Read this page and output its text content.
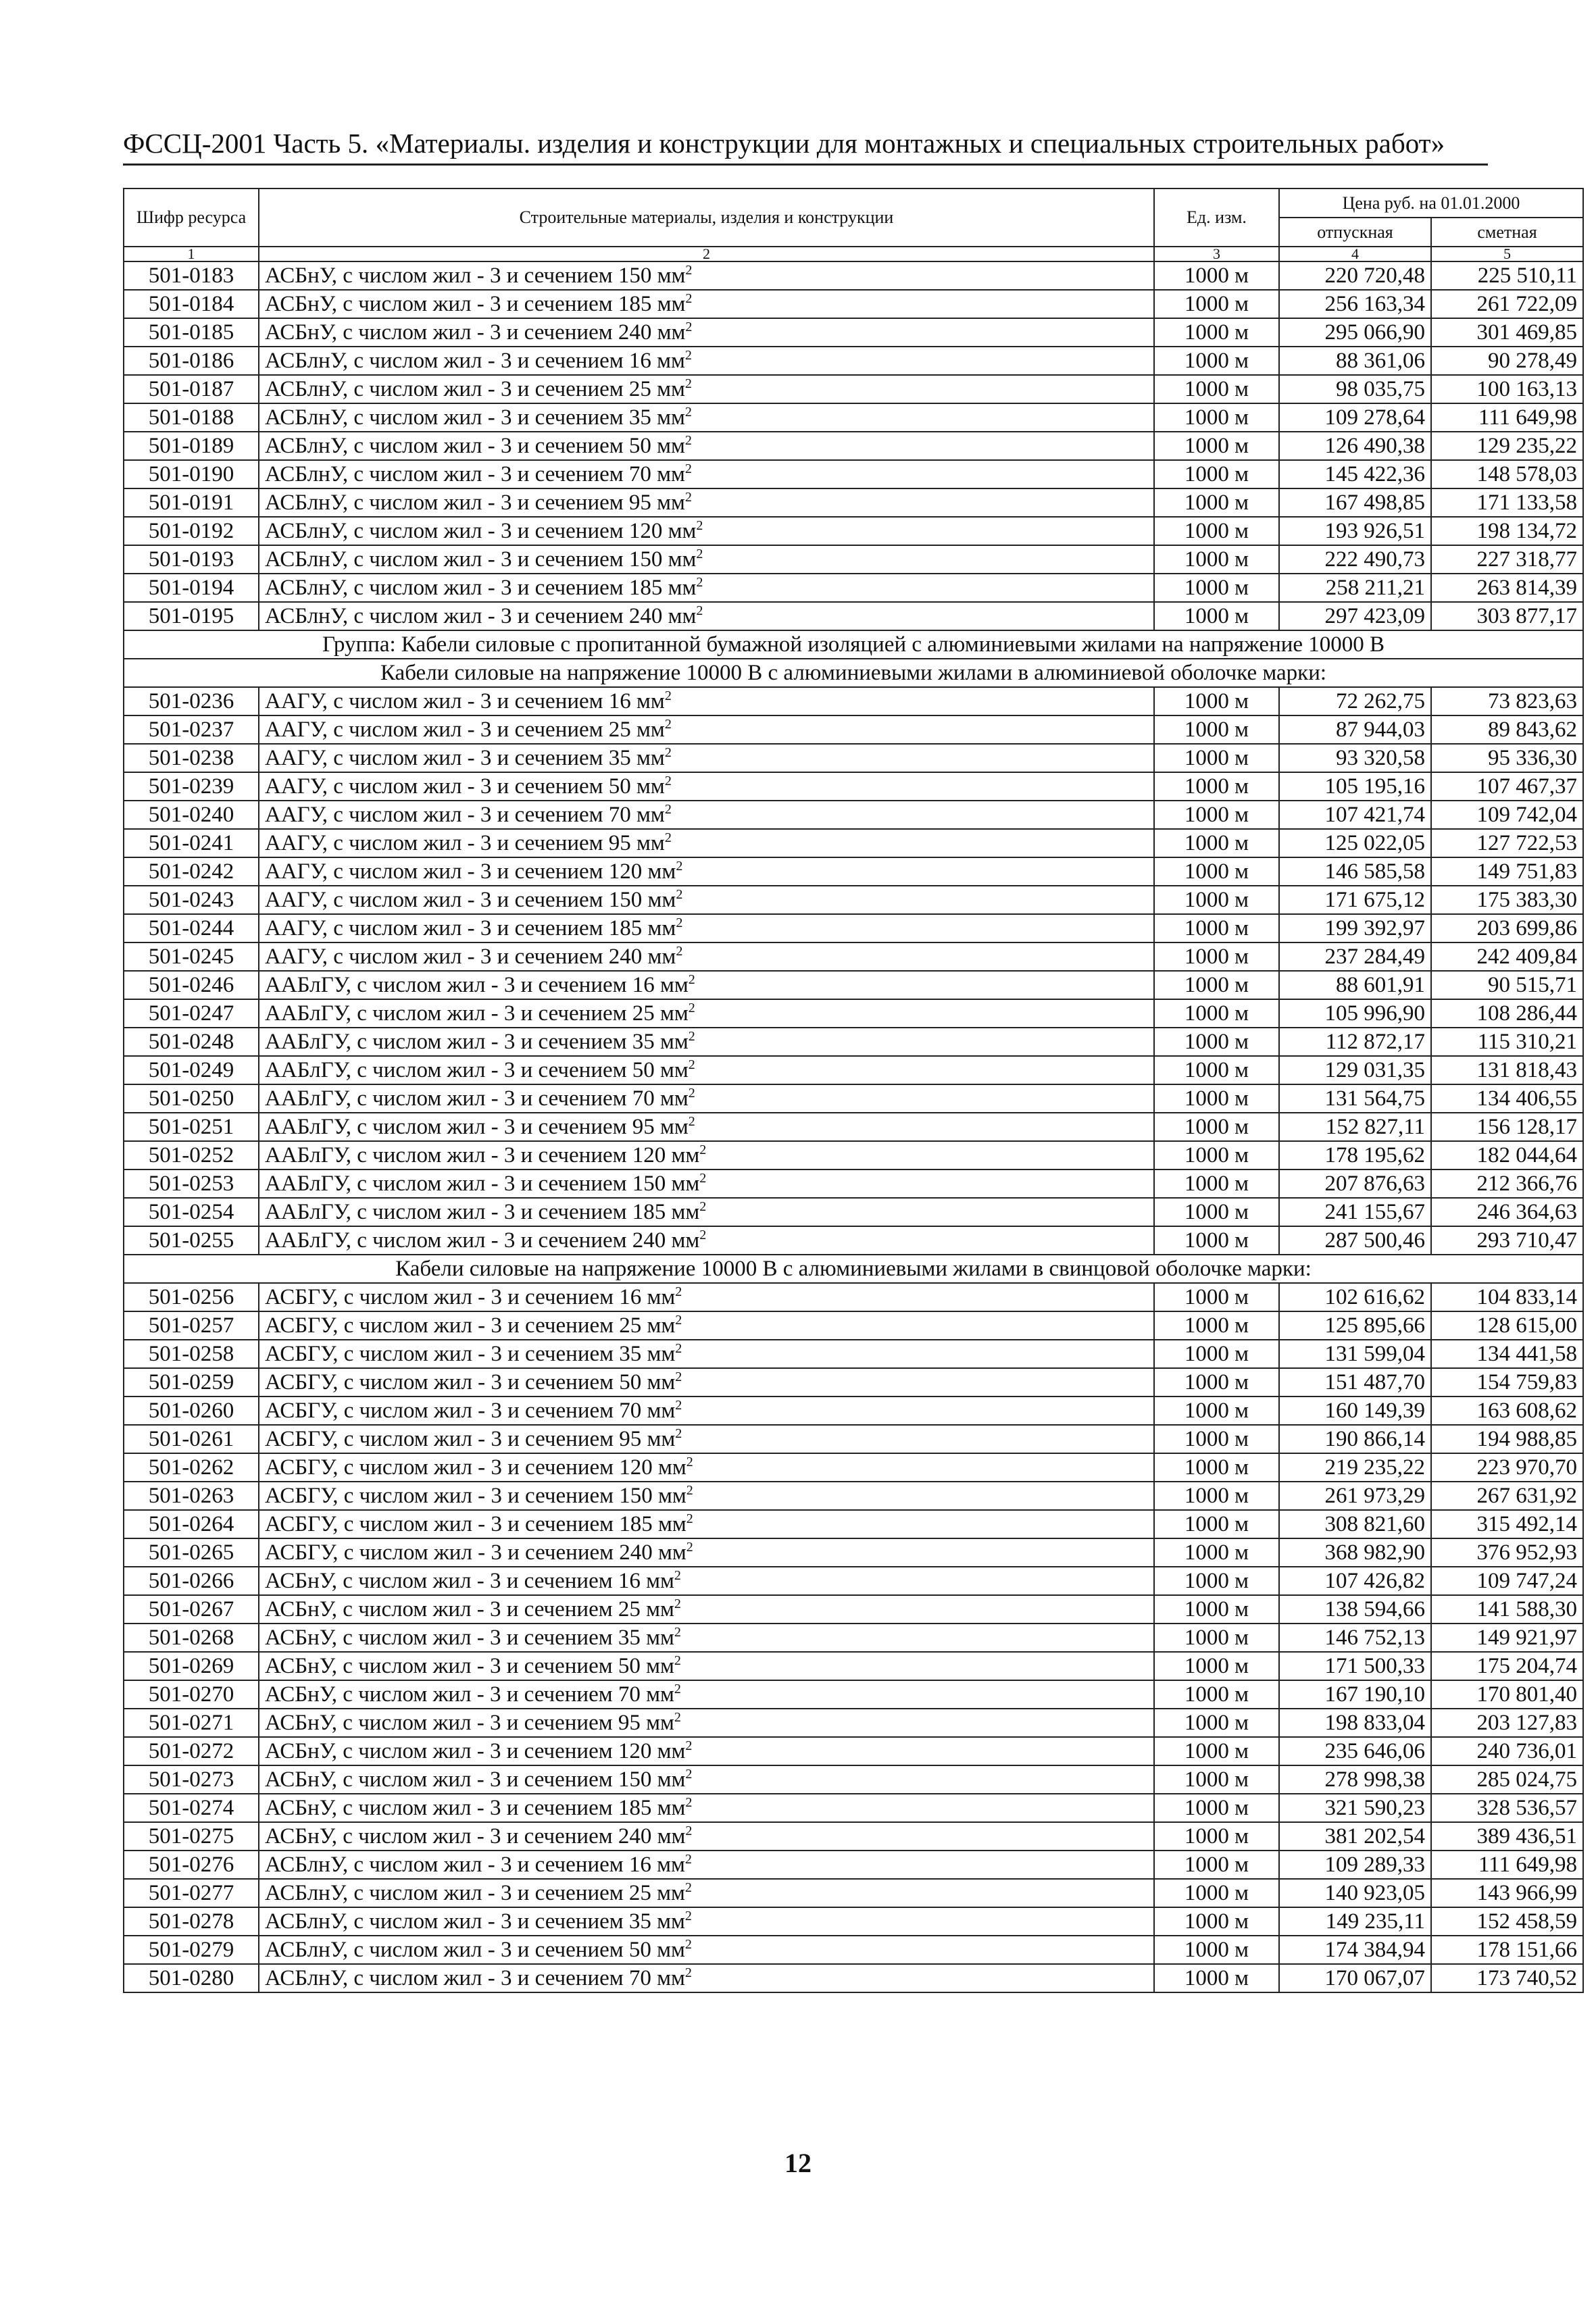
ФССЦ-2001 Часть 5. «Материалы. изделия и конструкции для монтажных и специальных строительных работ»
Шифр ресурса	Строительные материалы, изделия и конструкции	Ед. изм.	Цена руб. на 01.01.2000	
			отпускная	сметная
1	2	3	4	5
501-0183	АСБнУ, с числом жил - 3 и сечением 150 $мм^2$	1000 м	220 720,48	225 510,11
501-0184	АСБнУ, с числом жил - 3 и сечением 185 $мм^2$	1000 м	256 163,34	261 722,09
501-0185	АСБнУ, с числом жил - 3 и сечением 240 $мм^2$	1000 м	295 066,90	301 469,85
501-0186	АСБлнУ, с числом жил - 3 и сечением 16 $мм^2$	1000 м	88 361,06	90 278,49
501-0187	АСБлнУ, с числом жил - 3 и сечением 25 $мм^2$	1000 м	98 035,75	100 163,13
501-0188	АСБлнУ, с числом жил - 3 и сечением 35 $мм^2$	1000 м	109 278,64	111 649,98
501-0189	АСБлнУ, с числом жил - 3 и сечением 50 $мм^2$	1000 м	126 490,38	129 235,22
501-0190	АСБлнУ, с числом жил - 3 и сечением 70 $мм^2$	1000 м	145 422,36	148 578,03
501-0191	АСБлнУ, с числом жил - 3 и сечением 95 $мм^2$	1000 м	167 498,85	171 133,58
501-0192	АСБлнУ, с числом жил - 3 и сечением 120 $мм^2$	1000 м	193 926,51	198 134,72
501-0193	АСБлнУ, с числом жил - 3 и сечением 150 $мм^2$	1000 м	222 490,73	227 318,77
501-0194	АСБлнУ, с числом жил - 3 и сечением 185 $мм^2$	1000 м	258 211,21	263 814,39
501-0195	АСБлнУ, с числом жил - 3 и сечением 240 $мм^2$	1000 м	297 423,09	303 877,17
Группа: Кабели силовые с пропитанной бумажной изоляцией с алюминиевыми жилами на напряжение 10000 В				
Кабели силовые на напряжение 10000 В с алюминиевыми жилами в алюминиевой оболочке марки:				
501-0236	ААГУ, с числом жил - 3 и сечением 16 $мм^2$	1000 м	72 262,75	73 823,63
501-0237	ААГУ, с числом жил - 3 и сечением 25 $мм^2$	1000 м	87 944,03	89 843,62
501-0238	ААГУ, с числом жил - 3 и сечением 35 $мм^2$	1000 м	93 320,58	95 336,30
501-0239	ААГУ, с числом жил - 3 и сечением 50 $мм^2$	1000 м	105 195,16	107 467,37
501-0240	ААГУ, с числом жил - 3 и сечением 70 $мм^2$	1000 м	107 421,74	109 742,04
501-0241	ААГУ, с числом жил - 3 и сечением 95 $мм^2$	1000 м	125 022,05	127 722,53
501-0242	ААГУ, с числом жил - 3 и сечением 120 $мм^2$	1000 м	146 585,58	149 751,83
501-0243	ААГУ, с числом жил - 3 и сечением 150 $мм^2$	1000 м	171 675,12	175 383,30
501-0244	ААГУ, с числом жил - 3 и сечением 185 $мм^2$	1000 м	199 392,97	203 699,86
501-0245	ААГУ, с числом жил - 3 и сечением 240 $мм^2$	1000 м	237 284,49	242 409,84
501-0246	ААБлГУ, с числом жил - 3 и сечением 16 $мм^2$	1000 м	88 601,91	90 515,71
501-0247	ААБлГУ, с числом жил - 3 и сечением 25 $мм^2$	1000 м	105 996,90	108 286,44
501-0248	ААБлГУ, с числом жил - 3 и сечением 35 $мм^2$	1000 м	112 872,17	115 310,21
501-0249	ААБлГУ, с числом жил - 3 и сечением 50 $мм^2$	1000 м	129 031,35	131 818,43
501-0250	ААБлГУ, с числом жил - 3 и сечением 70 $мм^2$	1000 м	131 564,75	134 406,55
501-0251	ААБлГУ, с числом жил - 3 и сечением 95 $мм^2$	1000 м	152 827,11	156 128,17
501-0252	ААБлГУ, с числом жил - 3 и сечением 120 $мм^2$	1000 м	178 195,62	182 044,64
501-0253	ААБлГУ, с числом жил - 3 и сечением 150 $мм^2$	1000 м	207 876,63	212 366,76
501-0254	ААБлГУ, с числом жил - 3 и сечением 185 $мм^2$	1000 м	241 155,67	246 364,63
501-0255	ААБлГУ, с числом жил - 3 и сечением 240 $мм^2$	1000 м	287 500,46	293 710,47
Кабели силовые на напряжение 10000 В с алюминиевыми жилами в свинцовой оболочке марки:				
501-0256	АСБГУ, с числом жил - 3 и сечением 16 $мм^2$	1000 м	102 616,62	104 833,14
501-0257	АСБГУ, с числом жил - 3 и сечением 25 $мм^2$	1000 м	125 895,66	128 615,00
501-0258	АСБГУ, с числом жил - 3 и сечением 35 $мм^2$	1000 м	131 599,04	134 441,58
501-0259	АСБГУ, с числом жил - 3 и сечением 50 $мм^2$	1000 м	151 487,70	154 759,83
501-0260	АСБГУ, с числом жил - 3 и сечением 70 $мм^2$	1000 м	160 149,39	163 608,62
501-0261	АСБГУ, с числом жил - 3 и сечением 95 $мм^2$	1000 м	190 866,14	194 988,85
501-0262	АСБГУ, с числом жил - 3 и сечением 120 $мм^2$	1000 м	219 235,22	223 970,70
501-0263	АСБГУ, с числом жил - 3 и сечением 150 $мм^2$	1000 м	261 973,29	267 631,92
501-0264	АСБГУ, с числом жил - 3 и сечением 185 $мм^2$	1000 м	308 821,60	315 492,14
501-0265	АСБГУ, с числом жил - 3 и сечением 240 $мм^2$	1000 м	368 982,90	376 952,93
501-0266	АСБнУ, с числом жил - 3 и сечением 16 $мм^2$	1000 м	107 426,82	109 747,24
501-0267	АСБнУ, с числом жил - 3 и сечением 25 $мм^2$	1000 м	138 594,66	141 588,30
501-0268	АСБнУ, с числом жил - 3 и сечением 35 $мм^2$	1000 м	146 752,13	149 921,97
501-0269	АСБнУ, с числом жил - 3 и сечением 50 $мм^2$	1000 м	171 500,33	175 204,74
501-0270	АСБнУ, с числом жил - 3 и сечением 70 $мм^2$	1000 м	167 190,10	170 801,40
501-0271	АСБнУ, с числом жил - 3 и сечением 95 $мм^2$	1000 м	198 833,04	203 127,83
501-0272	АСБнУ, с числом жил - 3 и сечением 120 $мм^2$	1000 м	235 646,06	240 736,01
501-0273	АСБнУ, с числом жил - 3 и сечением 150 $мм^2$	1000 м	278 998,38	285 024,75
501-0274	АСБнУ, с числом жил - 3 и сечением 185 $мм^2$	1000 м	321 590,23	328 536,57
501-0275	АСБнУ, с числом жил - 3 и сечением 240 $мм^2$	1000 м	381 202,54	389 436,51
501-0276	АСБлнУ, с числом жил - 3 и сечением 16 $мм^2$	1000 м	109 289,33	111 649,98
501-0277	АСБлнУ, с числом жил - 3 и сечением 25 $мм^2$	1000 м	140 923,05	143 966,99
501-0278	АСБлнУ, с числом жил - 3 и сечением 35 $мм^2$	1000 м	149 235,11	152 458,59
501-0279	АСБлнУ, с числом жил - 3 и сечением 50 $мм^2$	1000 м	174 384,94	178 151,66
501-0280	АСБлнУ, с числом жил - 3 и сечением 70 $мм^2$	1000 м	170 067,07	173 740,52
12
